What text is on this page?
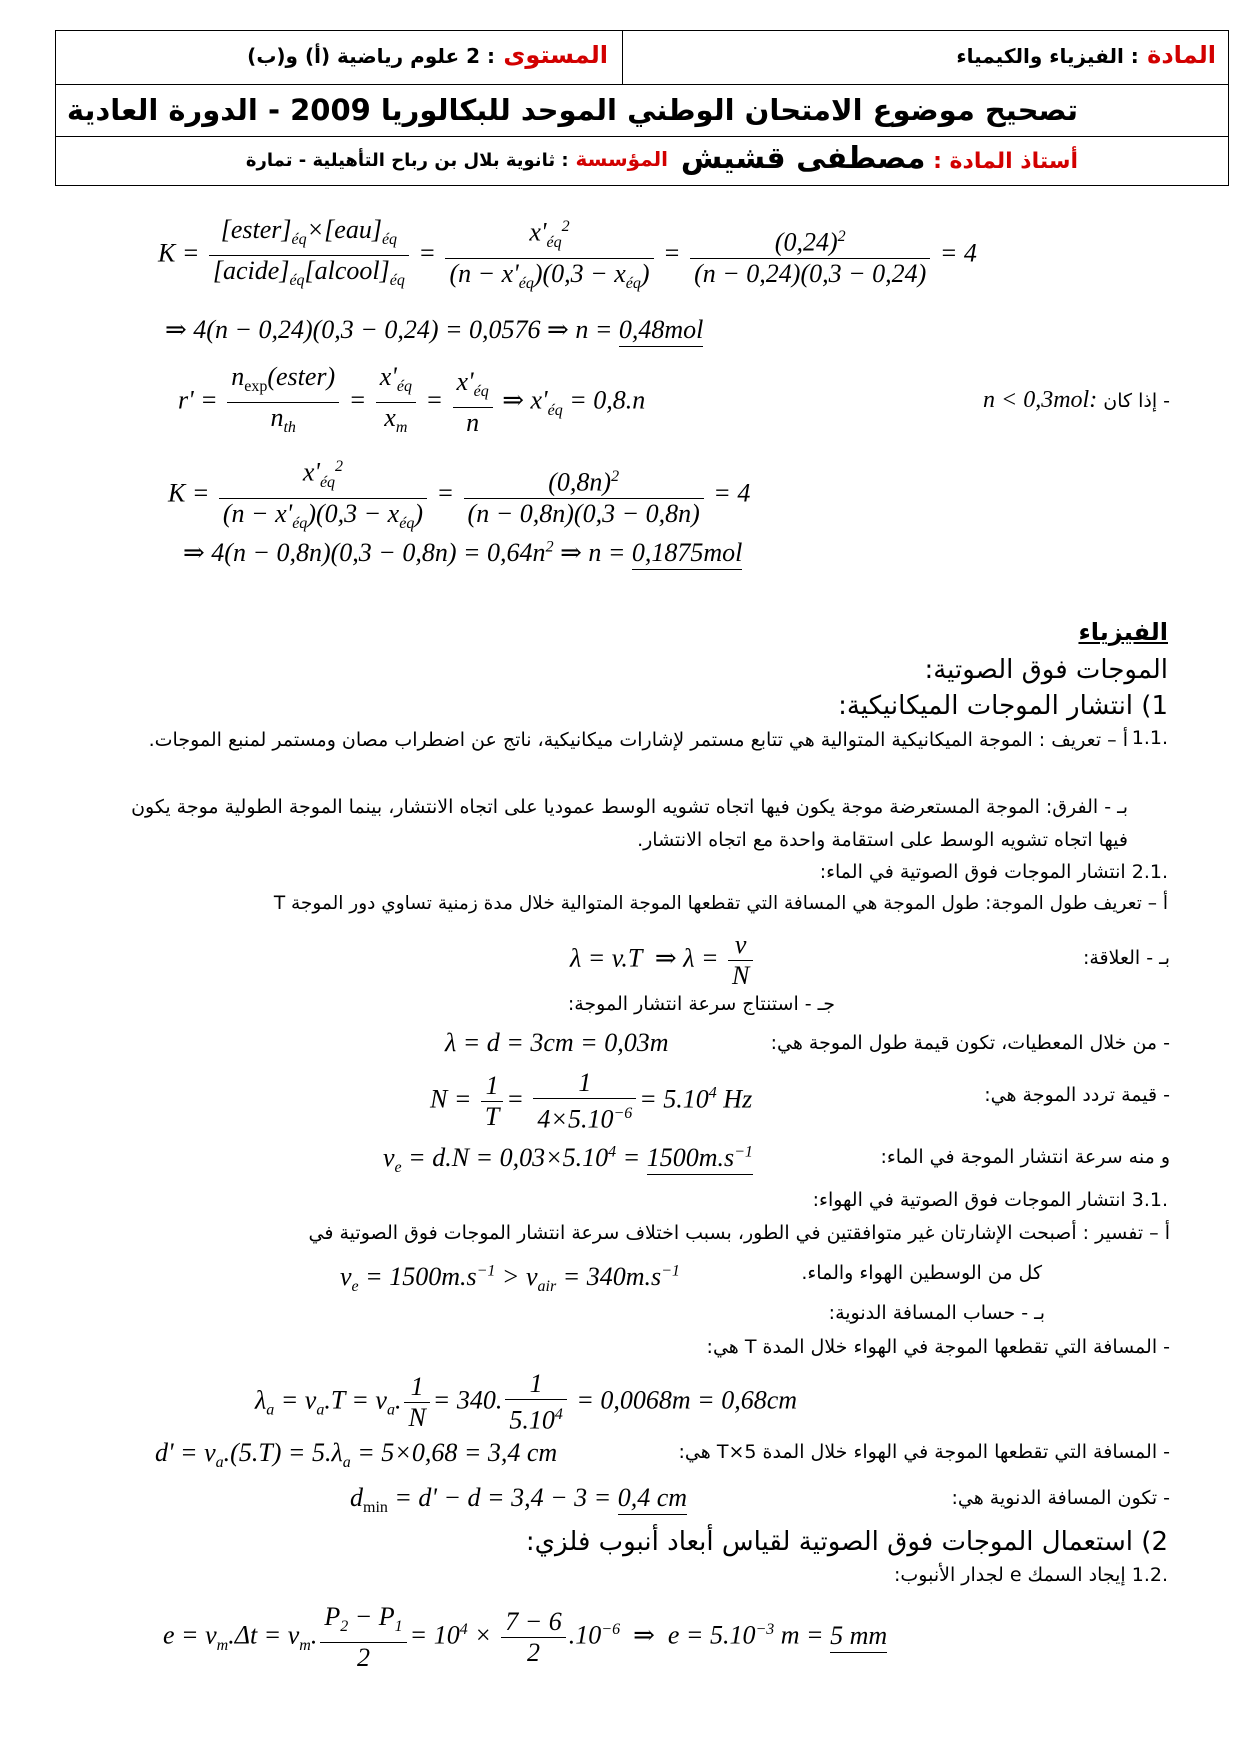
المادة : الفيزياء والكيمياء
المستوى : 2 علوم رياضية (أ) و(ب)
تصحيح موضوع الامتحان الوطني الموحد للبكالوريا 2009 - الدورة العادية
أستاذ المادة : مصطفى قشيش
المؤسسة : ثانوية بلال بن رباح التأهيلية - تمارة
$K = \frac{[ester]_{éq}\times[eau]_{éq}}{[acide]_{éq}[alcool]_{éq}} = \frac{x'_{éq}^2}{(n - x'_{éq})(0,3 - x_{éq})} = \frac{(0,24)^2}{(n - 0,24)(0,3 - 0,24)} = 4$
⇒ 4(n − 0,24)(0,3 − 0,24) = 0,0576 ⇒ n = 0,48mol
- إذا كان :n < 0,3mol
$r' = \frac{n_{exp}(ester)}{n_{th}} = \frac{x'_{éq}}{x_m} = \frac{x'_{éq}}{n}$ ⇒ $x'_{éq} = 0,8.n$
$K = \frac{x'_{éq}^2}{(n - x'_{éq})(0,3 - x_{éq})} = \frac{(0,8n)^2}{(n - 0,8n)(0,3 - 0,8n)} = 4$
⇒ $4(n - 0,8n)(0,3 - 0,8n) = 0,64n^2$ ⇒ n = 0,1875mol
الفيزياء
الموجات فوق الصوتية:
1) انتشار الموجات الميكانيكية:
.1.1
أ – تعريف : الموجة الميكانيكية المتوالية هي تتابع مستمر لإشارات ميكانيكية، ناتج عن اضطراب مصان ومستمر لمنبع الموجات.
بـ - الفرق: الموجة المستعرضة موجة يكون فيها اتجاه تشويه الوسط عموديا على اتجاه الانتشار، بينما الموجة الطولية موجة يكون فيها اتجاه تشويه الوسط على استقامة واحدة مع اتجاه الانتشار.
.2.1 انتشار الموجات فوق الصوتية في الماء:
أ – تعريف طول الموجة: طول الموجة هي المسافة التي تقطعها الموجة المتوالية خلال مدة زمنية تساوي دور الموجة T
بـ - العلاقة:
λ = v.T  ⇒ $\lambda = \frac{v}{N}$
جـ - استنتاج سرعة انتشار الموجة:
- من خلال المعطيات، تكون قيمة طول الموجة هي:
λ = d = 3cm = 0,03m
- قيمة تردد الموجة هي:
$N = \frac{1}{T} = \frac{1}{4\times 5.10^{-6}} = 5.10^4$ Hz
و منه سرعة انتشار الموجة في الماء:
$v_e = d.N = 0,03\times 5.10^4 = 1500m.s^{-1}$
.3.1 انتشار الموجات فوق الصوتية في الهواء:
أ – تفسير : أصبحت الإشارتان غير متوافقتين في الطور، بسبب اختلاف سرعة انتشار الموجات فوق الصوتية في
كل من الوسطين الهواء والماء.
$v_e = 1500m.s^{-1} > v_{air} = 340m.s^{-1}$
بـ - حساب المسافة الدنوية:
- المسافة التي تقطعها الموجة في الهواء خلال المدة T هي:
$\lambda_a = v_a.T = v_a$. $\frac{1}{N} = 340$. $\frac{1}{5.10^4} = 0,0068m = 0,68cm$
- المسافة التي تقطعها الموجة في الهواء خلال المدة 5×T هي:
$d' = v_a.(5.T) = 5.\lambda_a = 5\times 0,68 = 3,4$ cm
- تكون المسافة الدنوية هي:
$d_{min} = d' - d = 3,4 - 3 = 0,4$ cm
2) استعمال الموجات فوق الصوتية لقياس أبعاد أنبوب فلزي:
.1.2 إيجاد السمك e لجدار الأنبوب:
$e = v_m.\Delta t = v_m$. $\frac{P_2 - P_1}{2} = 10^4 \times \frac{7 - 6}{2} .10^{-6}$  ⇒  $e = 5.10^{-3}$ m = 5 mm
